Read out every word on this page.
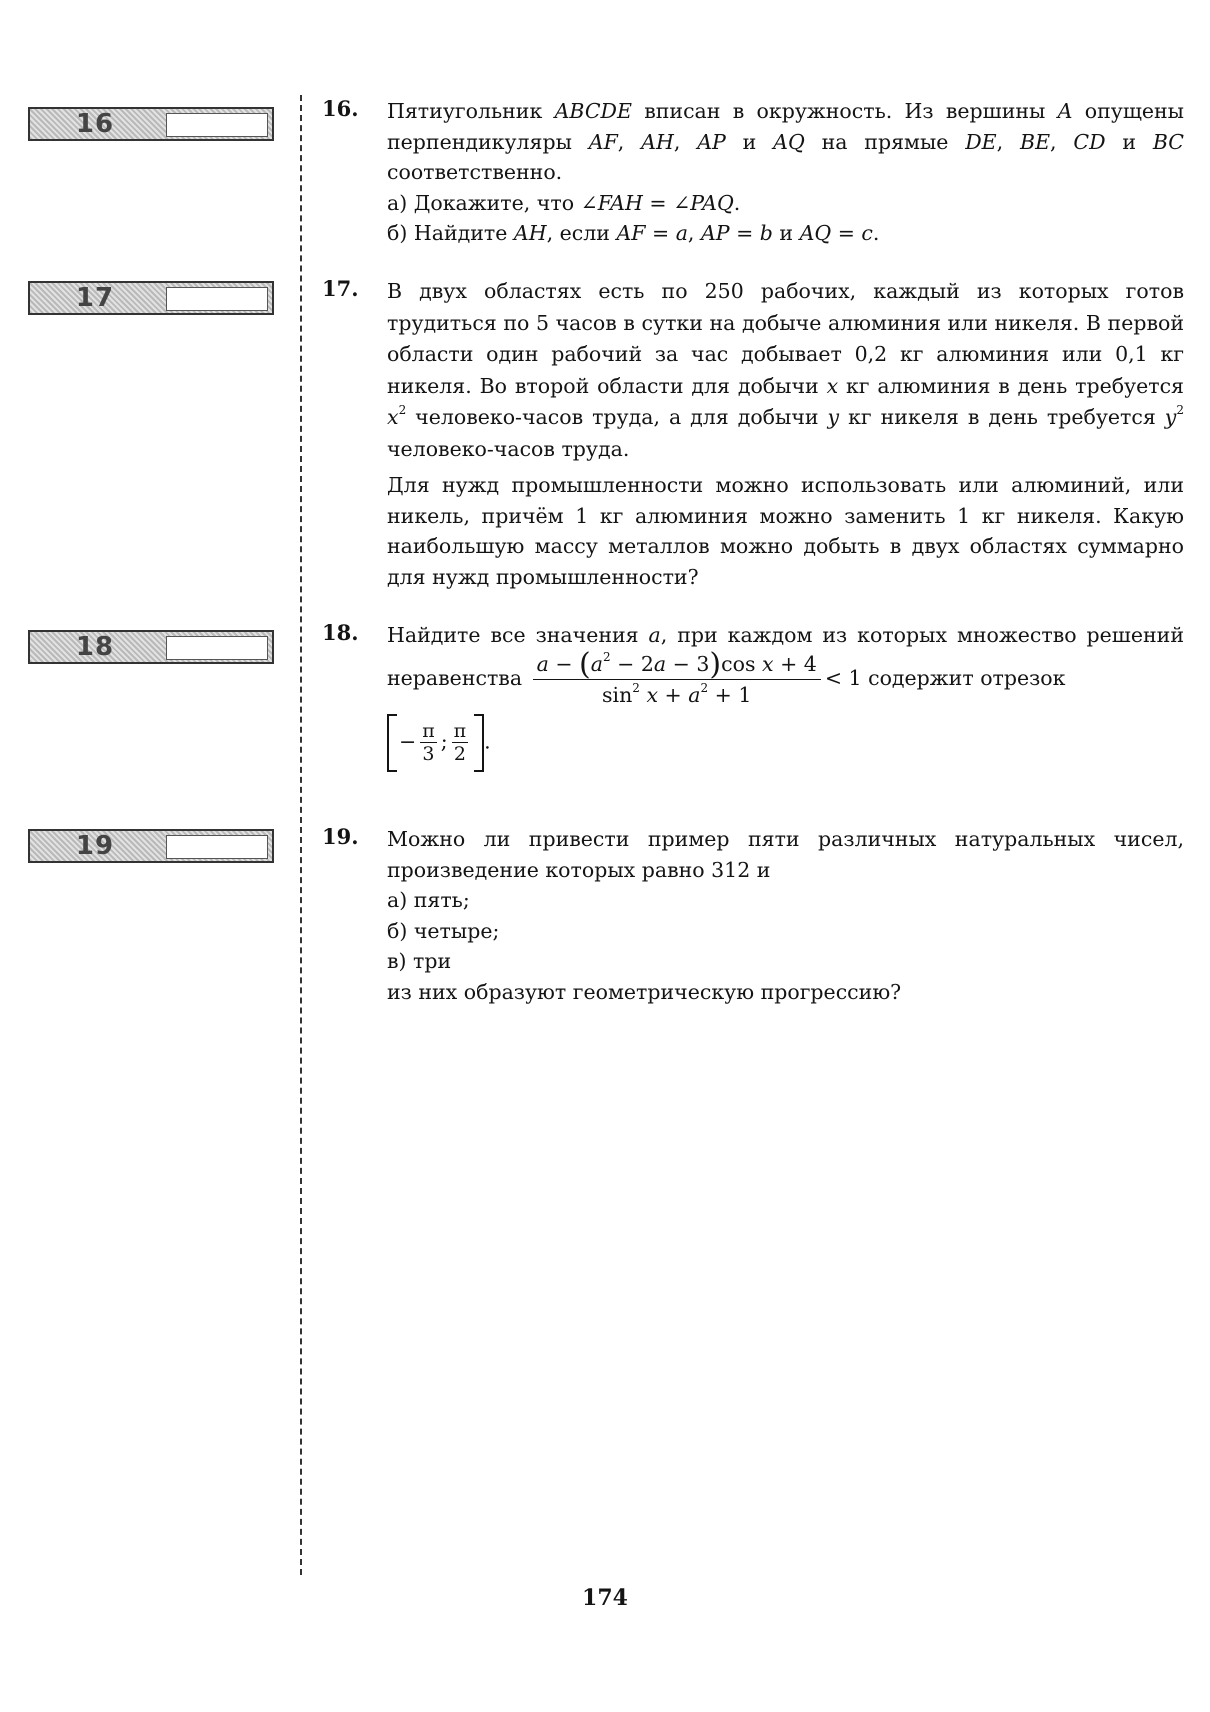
16
17
18
19
16. Пятиугольник ABCDE вписан в окружность. Из вершины A опущены перпендикуляры AF, AH, AP и AQ на прямые DE, BE, CD и BC соответственно.

а) Докажите, что ∠FAH = ∠PAQ.

б) Найдите AH, если AF = a, AP = b и AQ = c.

17. В двух областях есть по 250 рабочих, каждый из которых готов трудиться по 5 часов в сутки на добыче алюминия или никеля. В первой области один рабочий за час добывает 0,2 кг алюминия или 0,1 кг никеля. Во второй области для добычи x кг алюминия в день требуется $x^2$ человеко-часов труда, а для добычи y кг никеля в день требуется $y^2$ человеко-часов труда.

Для нужд промышленности можно использовать или алюминий, или никель, причём 1 кг алюминия можно заменить 1 кг никеля. Какую наибольшую массу металлов можно добыть в двух областях суммарно для нужд промышленности?

18. Найдите все значения a, при каждом из которых множество решений неравенства $\frac{a - (a^2 - 2a - 3)\cos x + 4}{\sin^2 x + a^2 + 1} < 1$ содержит отрезок

− $\frac{\pi}{3}$ ; $\frac{\pi}{2}$ .

19. Можно ли привести пример пяти различных натуральных чисел, произведение которых равно 312 и

а) пять;

б) четыре;

в) три

из них образуют геометрическую прогрессию?

174
